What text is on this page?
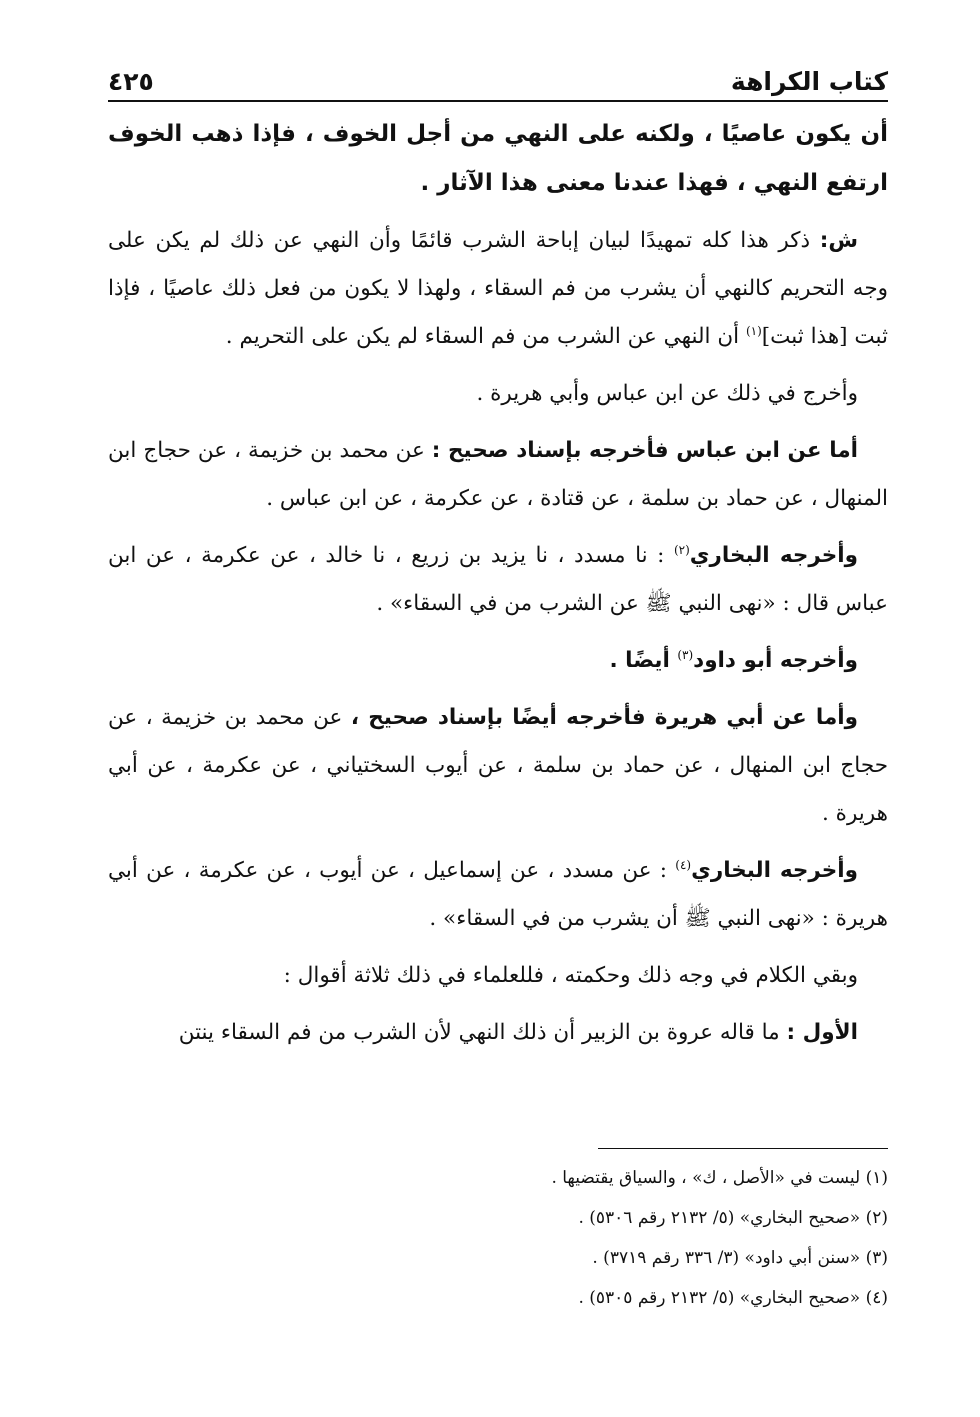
كتاب الكراهة
٤٢٥

أن يكون عاصيًا ، ولكنه على النهي من أجل الخوف ، فإذا ذهب الخوف ارتفع النهي ، فهذا عندنا معنى هذا الآثار .

ش: ذكر هذا كله تمهيدًا لبيان إباحة الشرب قائمًا وأن النهي عن ذلك لم يكن على وجه التحريم كالنهي أن يشرب من فم السقاء ، ولهذا لا يكون من فعل ذلك عاصيًا ، فإذا ثبت [هذا ثبت]$^{(١)}$ أن النهي عن الشرب من فم السقاء لم يكن على التحريم .

وأخرج في ذلك عن ابن عباس وأبي هريرة .

أما عن ابن عباس فأخرجه بإسناد صحيح : عن محمد بن خزيمة ، عن حجاج ابن المنهال ، عن حماد بن سلمة ، عن قتادة ، عن عكرمة ، عن ابن عباس .

وأخرجه البخاري$^{(٢)}$ : نا مسدد ، نا يزيد بن زريع ، نا خالد ، عن عكرمة ، عن ابن عباس قال : «نهى النبي ﷺ عن الشرب من في السقاء» .

وأخرجه أبو داود$^{(٣)}$ أيضًا .

وأما عن أبي هريرة فأخرجه أيضًا بإسناد صحيح ، عن محمد بن خزيمة ، عن حجاج ابن المنهال ، عن حماد بن سلمة ، عن أيوب السختياني ، عن عكرمة ، عن أبي هريرة .

وأخرجه البخاري$^{(٤)}$ : عن مسدد ، عن إسماعيل ، عن أيوب ، عن عكرمة ، عن أبي هريرة : «نهى النبي ﷺ أن يشرب من في السقاء» .

وبقي الكلام في وجه ذلك وحكمته ، فللعلماء في ذلك ثلاثة أقوال :

الأول : ما قاله عروة بن الزبير أن ذلك النهي لأن الشرب من فم السقاء ينتن

(١) ليست في «الأصل ، ك» ، والسياق يقتضيها .
(٢) «صحيح البخاري» (٥/ ٢١٣٢ رقم ٥٣٠٦) .
(٣) «سنن أبي داود» (٣/ ٣٣٦ رقم ٣٧١٩) .
(٤) «صحيح البخاري» (٥/ ٢١٣٢ رقم ٥٣٠٥) .
